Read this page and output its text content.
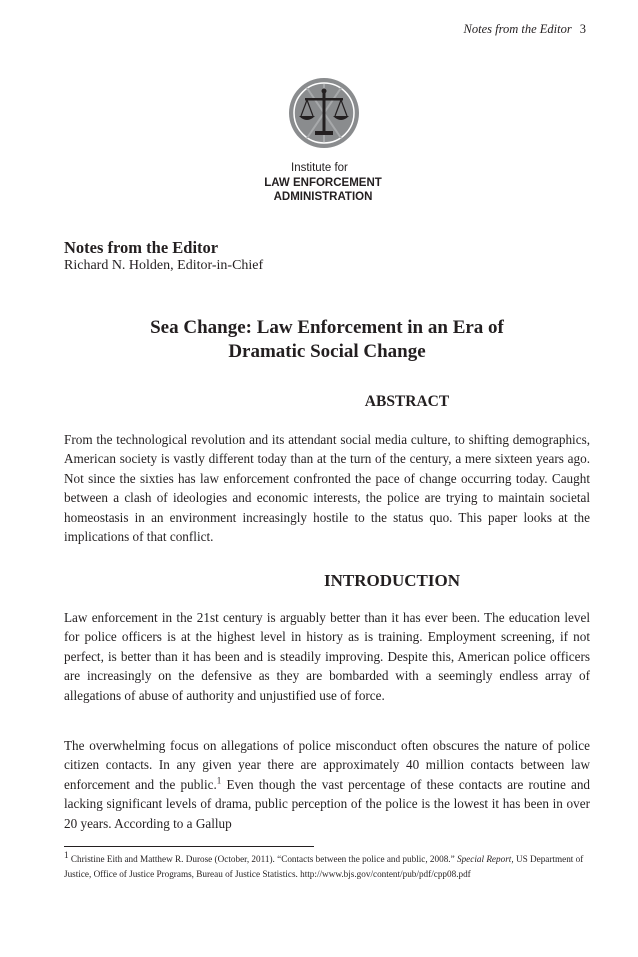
Notes from the Editor 3
Institute for
LAW ENFORCEMENT
ADMINISTRATION
Notes from the Editor
Richard N. Holden, Editor-in-Chief
Sea Change: Law Enforcement in an Era of
Dramatic Social Change
ABSTRACT
From the technological revolution and its attendant social media culture, to shifting demographics, American society is vastly different today than at the turn of the century, a mere sixteen years ago. Not since the sixties has law enforcement confronted the pace of change occurring today. Caught between a clash of ideologies and economic interests, the police are trying to maintain societal homeostasis in an environment increasingly hostile to the status quo. This paper looks at the implications of that conflict.
INTRODUCTION
Law enforcement in the 21st century is arguably better than it has ever been. The education level for police officers is at the highest level in history as is training. Employment screening, if not perfect, is better than it has been and is steadily improving. Despite this, American police officers are increasingly on the defensive as they are bombarded with a seemingly endless array of allegations of abuse of authority and unjustified use of force.
The overwhelming focus on allegations of police misconduct often obscures the nature of police citizen contacts. In any given year there are approximately 40 million contacts between law enforcement and the public.$^1$ Even though the vast percentage of these contacts are routine and lacking significant levels of drama, public perception of the police is the lowest it has been in over 20 years. According to a Gallup
$^1$ Christine Eith and Matthew R. Durose (October, 2011). “Contacts between the police and public, 2008.” Special Report, US Department of Justice, Office of Justice Programs, Bureau of Justice Statistics. http://www.bjs.gov/content/pub/pdf/cpp08.pdf
